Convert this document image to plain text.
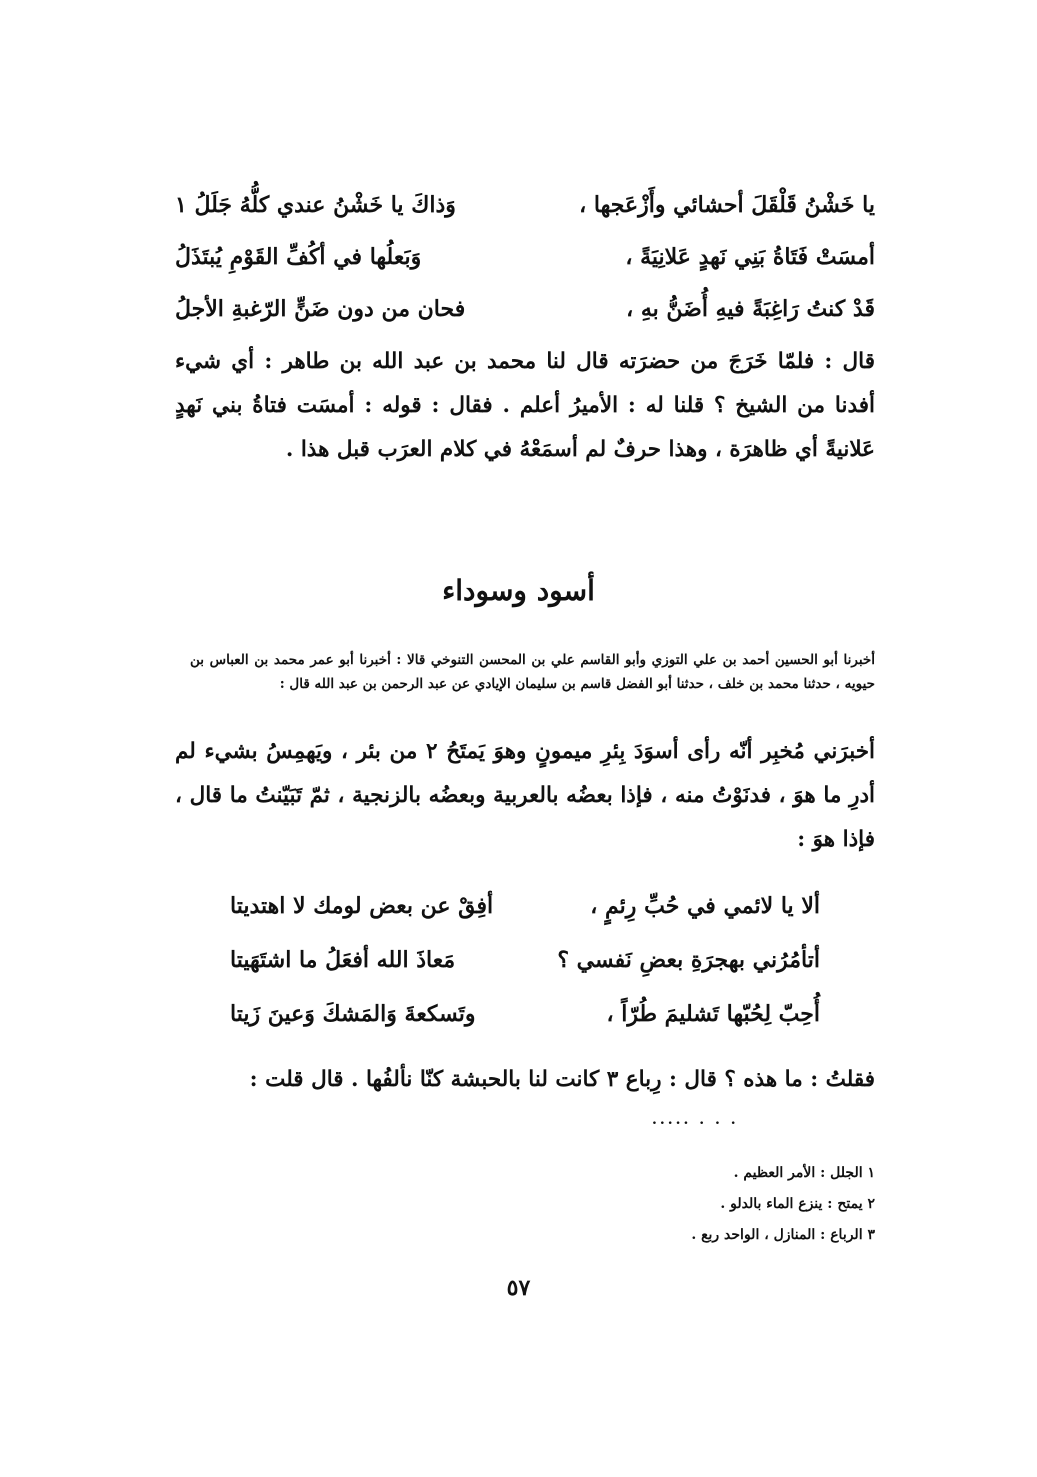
يا خَشْنُ قَلْقَلَ أحشائي وأَزْعَجها ،
وَذاكَ يا خَشْنُ عندي كلُّهُ جَلَلُ ١
أمسَتْ فَتَاةُ بَنِي نَهدٍ عَلانِيَةً ،
وَبَعلُها في أكُفِّ القَوْمِ يُبتَذَلُ
قَدْ كنتُ رَاغِبَةً فيهِ أُضَنُّ بهِ ،
فحان من دون ضَنٍّ الرّغبةِ الأجلُ

قال : فلمّا خَرَجَ من حضرَته قال لنا محمد بن عبد الله بن طاهر : أي شيء أفدنا من الشيخ ؟ قلنا له : الأميرُ أعلم . فقال : قوله : أمسَت فتاةُ بني نَهدٍ عَلانيةً أي ظاهرَة ، وهذا حرفٌ لم أسمَعْهُ في كلام العرَب قبل هذا .

أسود وسوداء

أخبرنا أبو الحسين أحمد بن علي التوزي وأبو القاسم علي بن المحسن التنوخي قالا : أخبرنا أبو عمر محمد بن العباس بن حيويه ، حدثنا محمد بن خلف ، حدثنا أبو الفضل قاسم بن سليمان الإيادي عن عبد الرحمن بن عبد الله قال :

أخبرَني مُخبِر أنّه رأى أسوَدَ بِئرِ ميمونٍ وهوَ يَمتَحُ ٢ من بئر ، ويَهمِسُ بشيء لم أدرِ ما هوَ ، فدنَوْتُ منه ، فإذا بعضُه بالعربية وبعضُه بالزنجية ، ثمّ تَبَيّنتُ ما قال ، فإذا هوَ :

ألا يا لائمي في حُبِّ رِئمٍ ،
أفِقْ عن بعض لومك لا اهتديتا
أتأمُرُني بهجرَةِ بعضِ نَفسي ؟
مَعاذَ الله أفعَلُ ما اشتَهَيتا
أُحِبّ لِحُبّها تَشليمَ طُرّاً ،
وتَسكعةَ وَالمَشكَ وَعينَ زَيتا

فقلتُ : ما هذه ؟ قال : رِباع ٣ كانت لنا بالحبشة كنّا نألفُها . قال قلت :

..... . . .
١ الجلل : الأمر العظيم .
٢ يمتح : ينزع الماء بالدلو .
٣ الرباع : المنازل ، الواحد ربع .
٥٧
